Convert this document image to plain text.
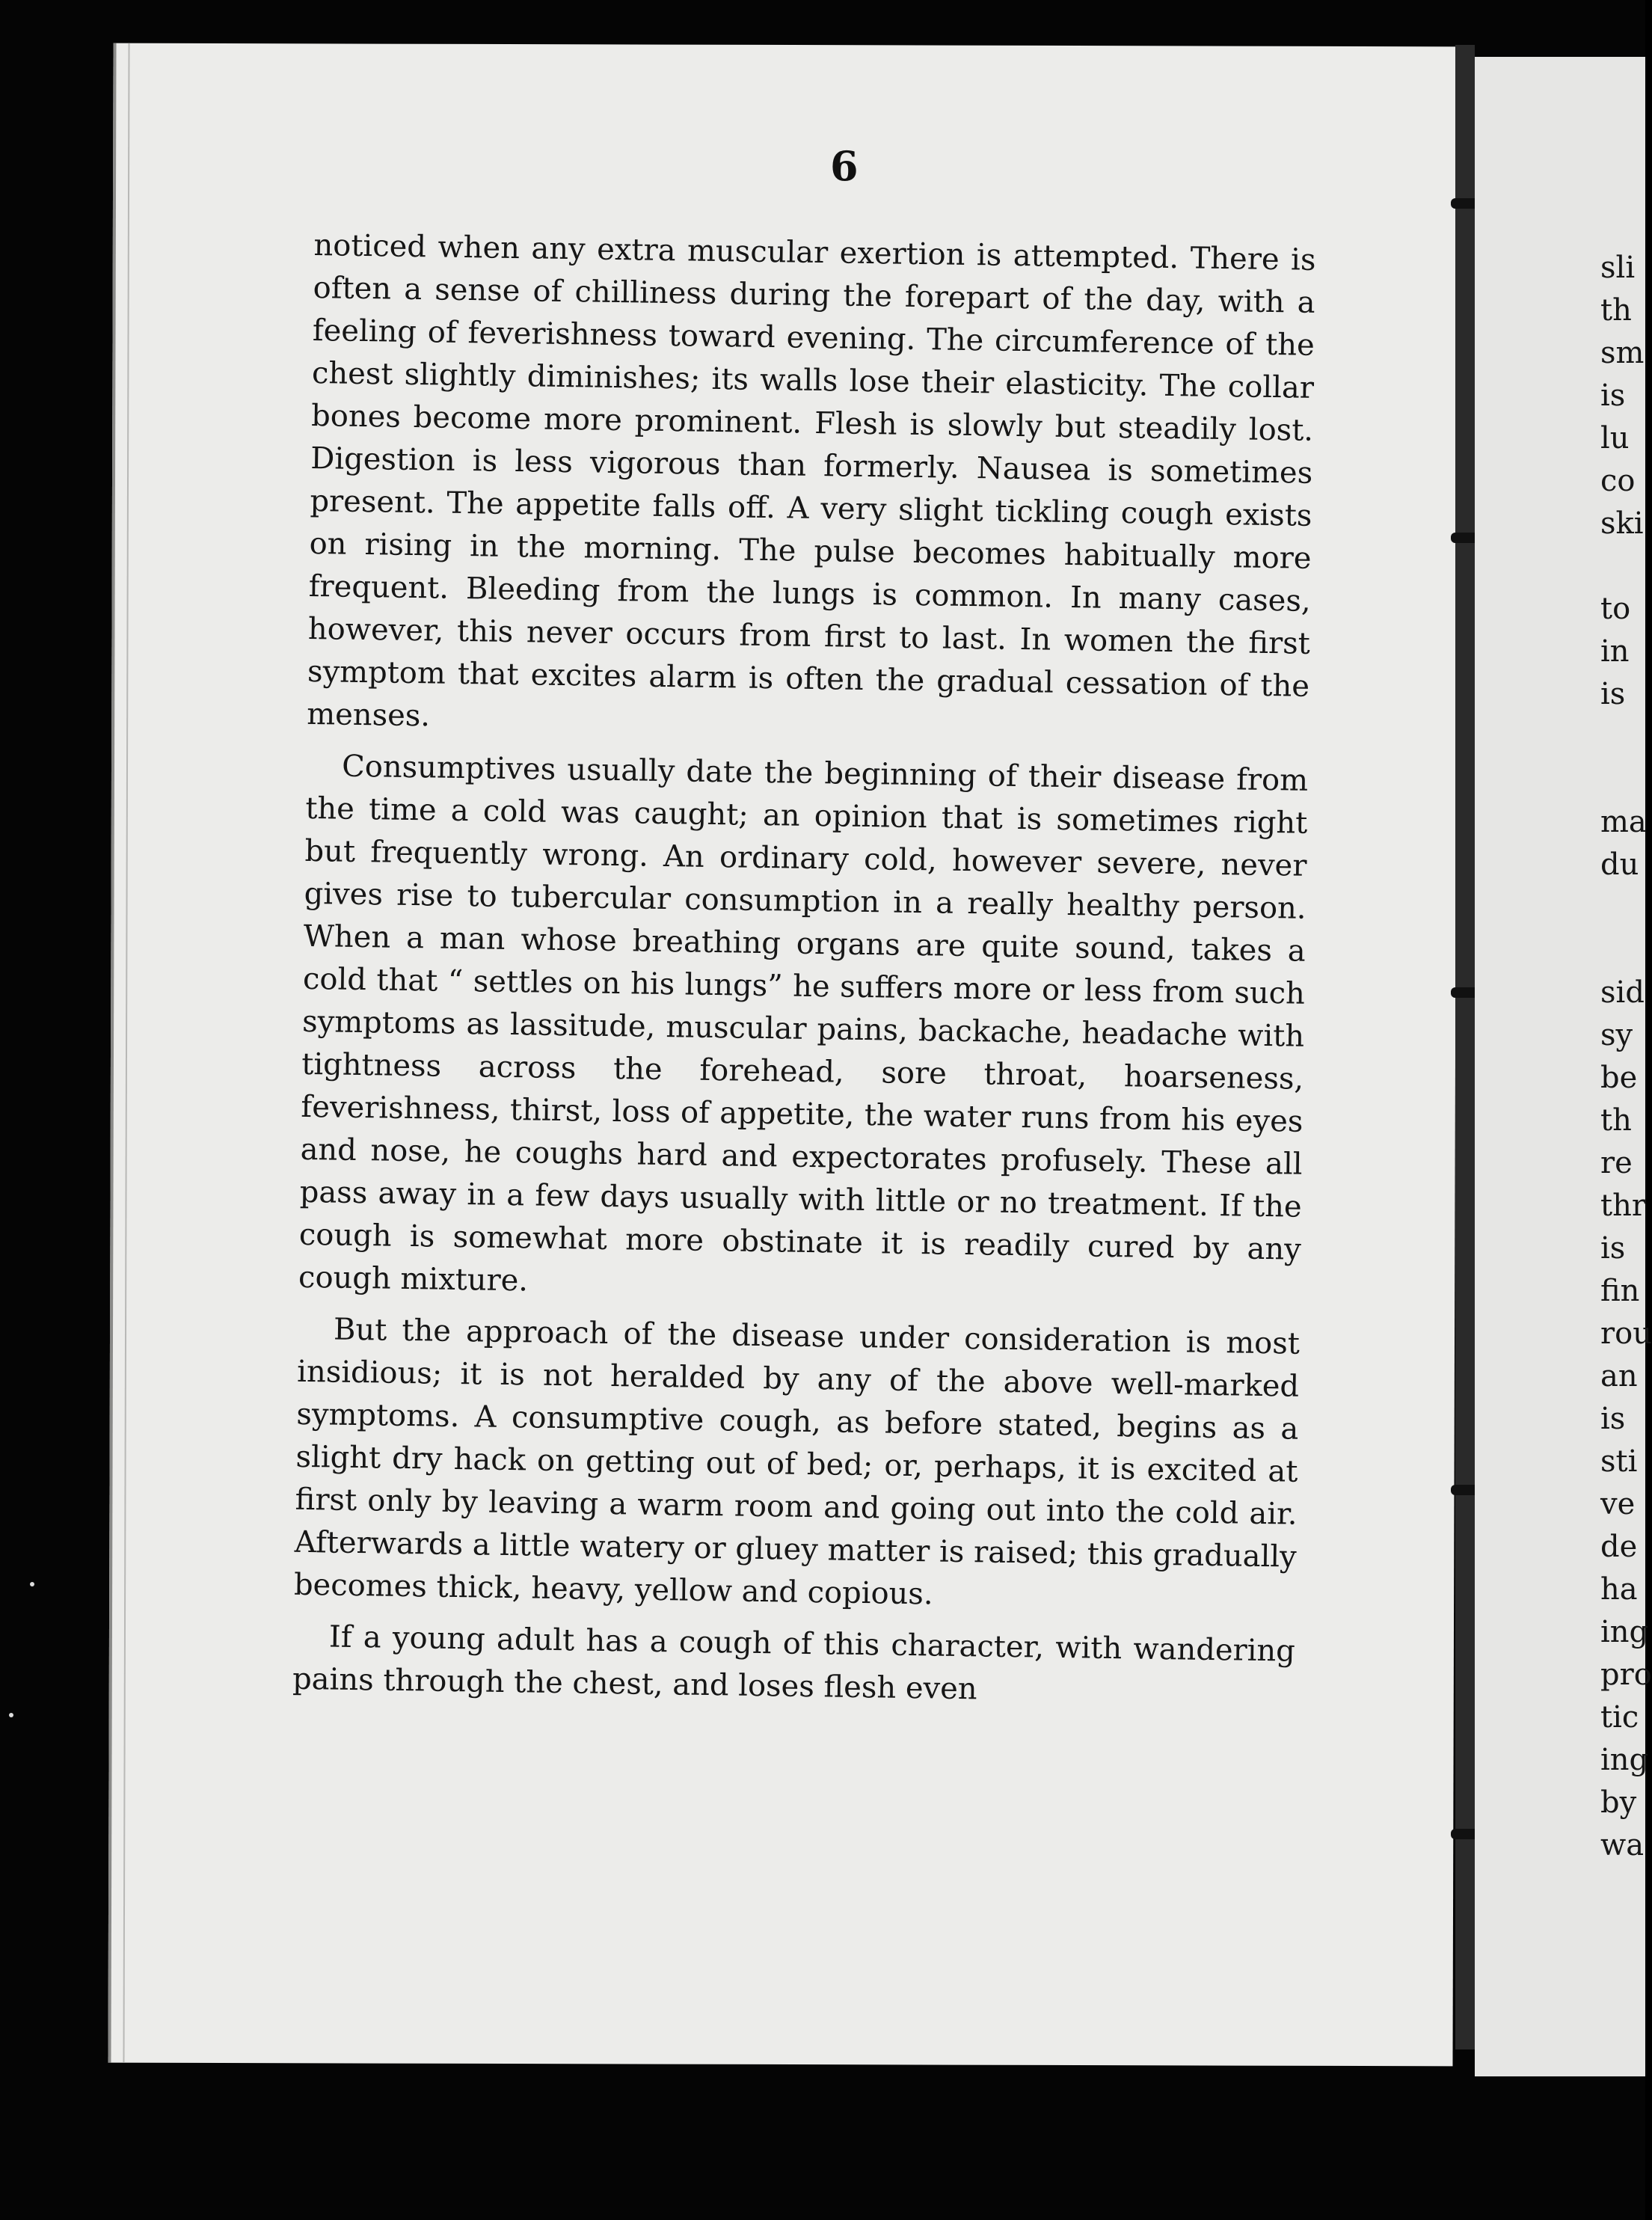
6

noticed when any extra muscular exertion is attempted. There is often a sense of chilliness during the forepart of the day, with a feeling of feverishness toward evening. The circumference of the chest slightly diminishes; its walls lose their elasticity. The collar bones become more prominent. Flesh is slowly but steadily lost. Digestion is less vigorous than formerly. Nausea is sometimes present. The appetite falls off. A very slight tickling cough exists on rising in the morning. The pulse becomes habitually more frequent. Bleeding from the lungs is common. In many cases, however, this never occurs from first to last. In women the first symptom that excites alarm is often the gradual cessation of the menses.

Consumptives usually date the beginning of their disease from the time a cold was caught; an opinion that is sometimes right but frequently wrong. An ordinary cold, however severe, never gives rise to tubercular consumption in a really healthy person. When a man whose breathing organs are quite sound, takes a cold that “ settles on his lungs” he suffers more or less from such symptoms as lassitude, muscular pains, backache, headache with tightness across the forehead, sore throat, hoarseness, feverishness, thirst, loss of appetite, the water runs from his eyes and nose, he coughs hard and expectorates profusely. These all pass away in a few days usually with little or no treatment. If the cough is somewhat more obstinate it is readily cured by any cough mixture.

But the approach of the disease under consideration is most insidious; it is not heralded by any of the above well-marked symptoms. A consumptive cough, as before stated, begins as a slight dry hack on getting out of bed; or, perhaps, it is excited at first only by leaving a warm room and going out into the cold air. Afterwards a little watery or gluey matter is raised; this gradually becomes thick, heavy, yellow and copious.

If a young adult has a cough of this character, with wandering pains through the chest, and loses flesh even

sli
th
sm
is
lu
co
ski
to
in
is
ma
du
sid
sy
be
th
re
thr
is
fin
rou
an
is
sti
ve
de
ha
ing
pro
tic
ing
by
wa
